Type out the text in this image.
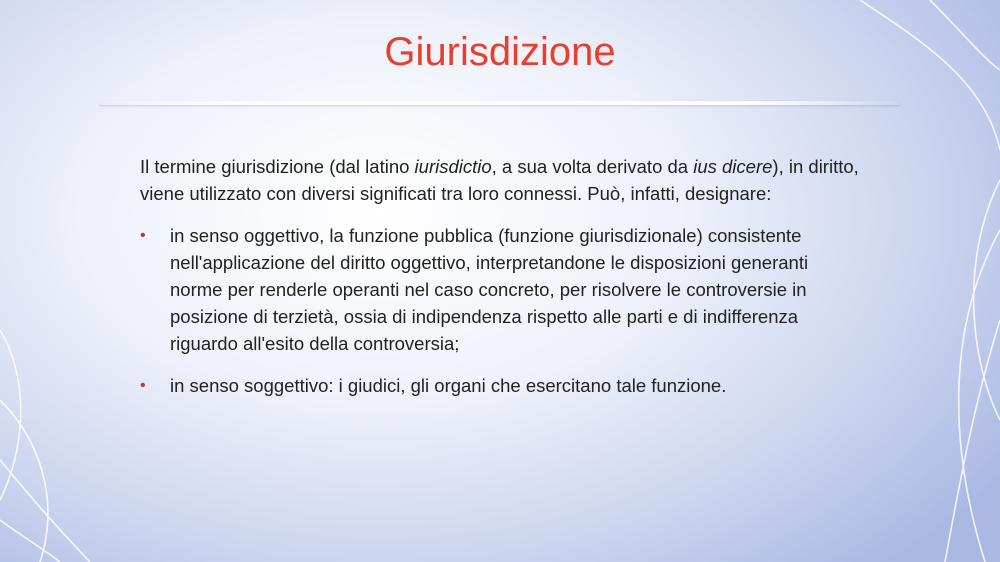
Giurisdizione

Il termine giurisdizione (dal latino iurisdictio, a sua volta derivato da ius dicere), in diritto, viene utilizzato con diversi significati tra loro connessi. Può, infatti, designare:

• in senso oggettivo, la funzione pubblica (funzione giurisdizionale) consistente nell'applicazione del diritto oggettivo, interpretandone le disposizioni generanti norme per renderle operanti nel caso concreto, per risolvere le controversie in posizione di terzietà, ossia di indipendenza rispetto alle parti e di indifferenza riguardo all'esito della controversia;
• in senso soggettivo: i giudici, gli organi che esercitano tale funzione.
